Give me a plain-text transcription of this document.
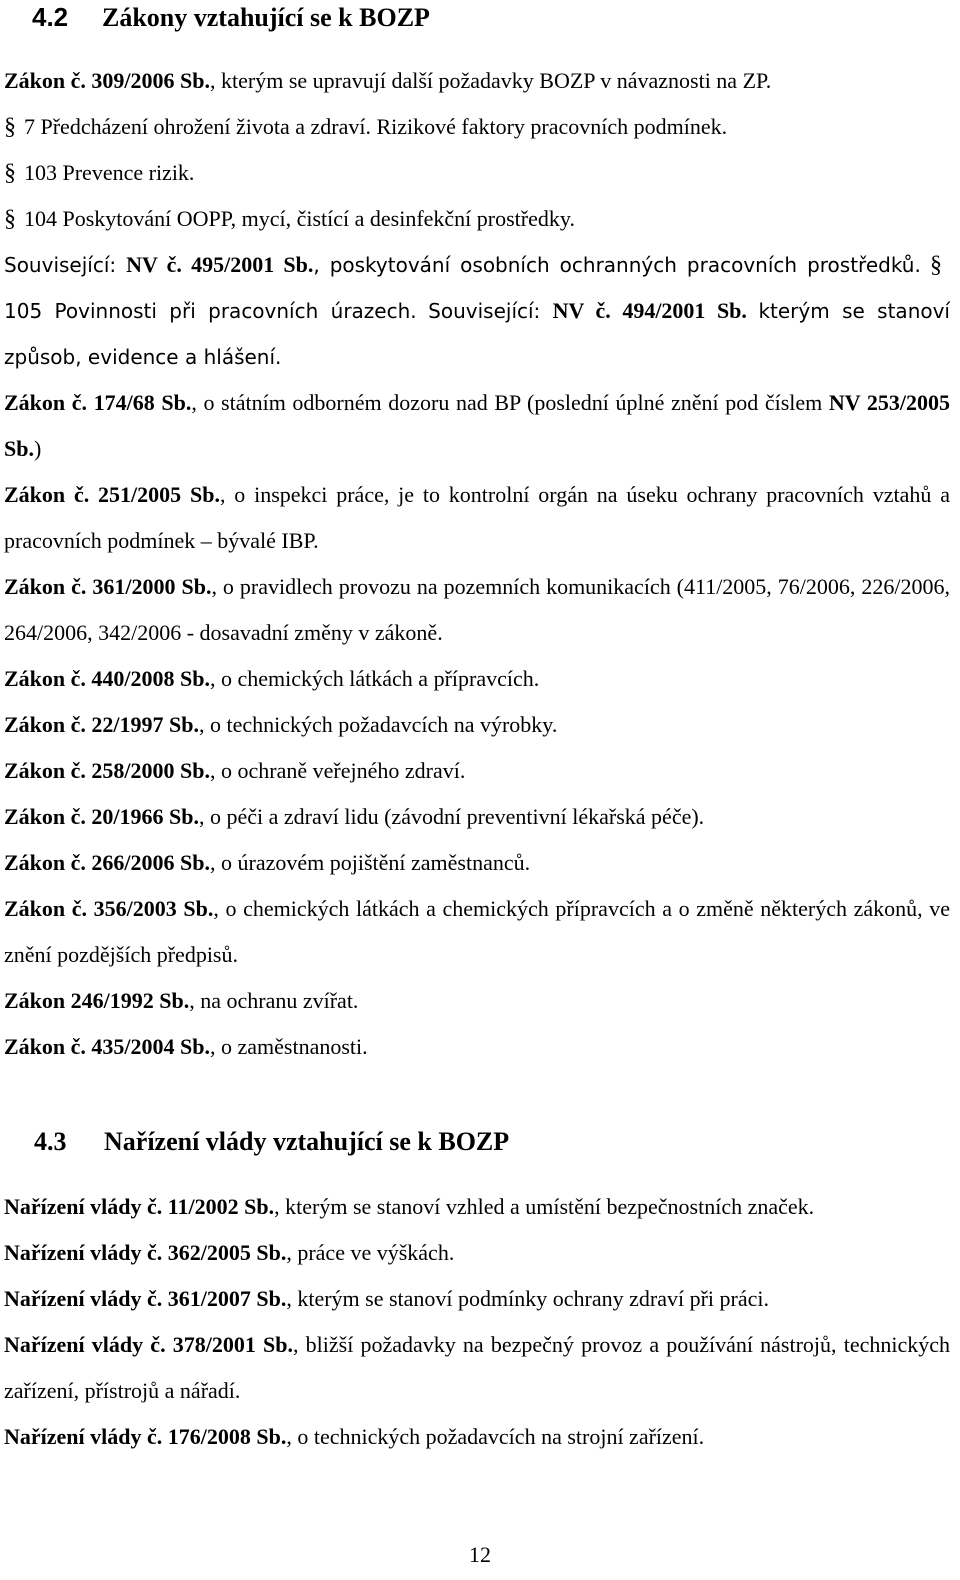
4.2 Zákony vztahující se k BOZP

Zákon č. 309/2006 Sb., kterým se upravují další požadavky BOZP v návaznosti na ZP.

§ 7 Předcházení ohrožení života a zdraví. Rizikové faktory pracovních podmínek.

§ 103 Prevence rizik.

§ 104 Poskytování OOPP, mycí, čistící a desinfekční prostředky.

Související: NV č. 495/2001 Sb., poskytování osobních ochranných pracovních prostředků. §105 Povinnosti při pracovních úrazech. Související: NV č. 494/2001 Sb. kterým se stanoví způsob, evidence a hlášení.

Zákon č. 174/68 Sb., o státním odborném dozoru nad BP (poslední úplné znění pod číslem NV 253/2005 Sb.)

Zákon č. 251/2005 Sb., o inspekci práce, je to kontrolní orgán na úseku ochrany pracovních vztahů a pracovních podmínek – bývalé IBP.

Zákon č. 361/2000 Sb., o pravidlech provozu na pozemních komunikacích (411/2005, 76/2006, 226/2006, 264/2006, 342/2006 - dosavadní změny v zákoně.

Zákon č. 440/2008 Sb., o chemických látkách a přípravcích.

Zákon č. 22/1997 Sb., o technických požadavcích na výrobky.

Zákon č. 258/2000 Sb., o ochraně veřejného zdraví.

Zákon č. 20/1966 Sb., o péči a zdraví lidu (závodní preventivní lékařská péče).

Zákon č. 266/2006 Sb., o úrazovém pojištění zaměstnanců.

Zákon č. 356/2003 Sb., o chemických látkách a chemických přípravcích a o změně některých zákonů, ve znění pozdějších předpisů.

Zákon 246/1992 Sb., na ochranu zvířat.

Zákon č. 435/2004 Sb., o zaměstnanosti.

4.3 Nařízení vlády vztahující se k BOZP

Nařízení vlády č. 11/2002 Sb., kterým se stanoví vzhled a umístění bezpečnostních značek.

Nařízení vlády č. 362/2005 Sb., práce ve výškách.

Nařízení vlády č. 361/2007 Sb., kterým se stanoví podmínky ochrany zdraví při práci.

Nařízení vlády č. 378/2001 Sb., bližší požadavky na bezpečný provoz a používání nástrojů, technických zařízení, přístrojů a nářadí.

Nařízení vlády č. 176/2008 Sb., o technických požadavcích na strojní zařízení.

12
